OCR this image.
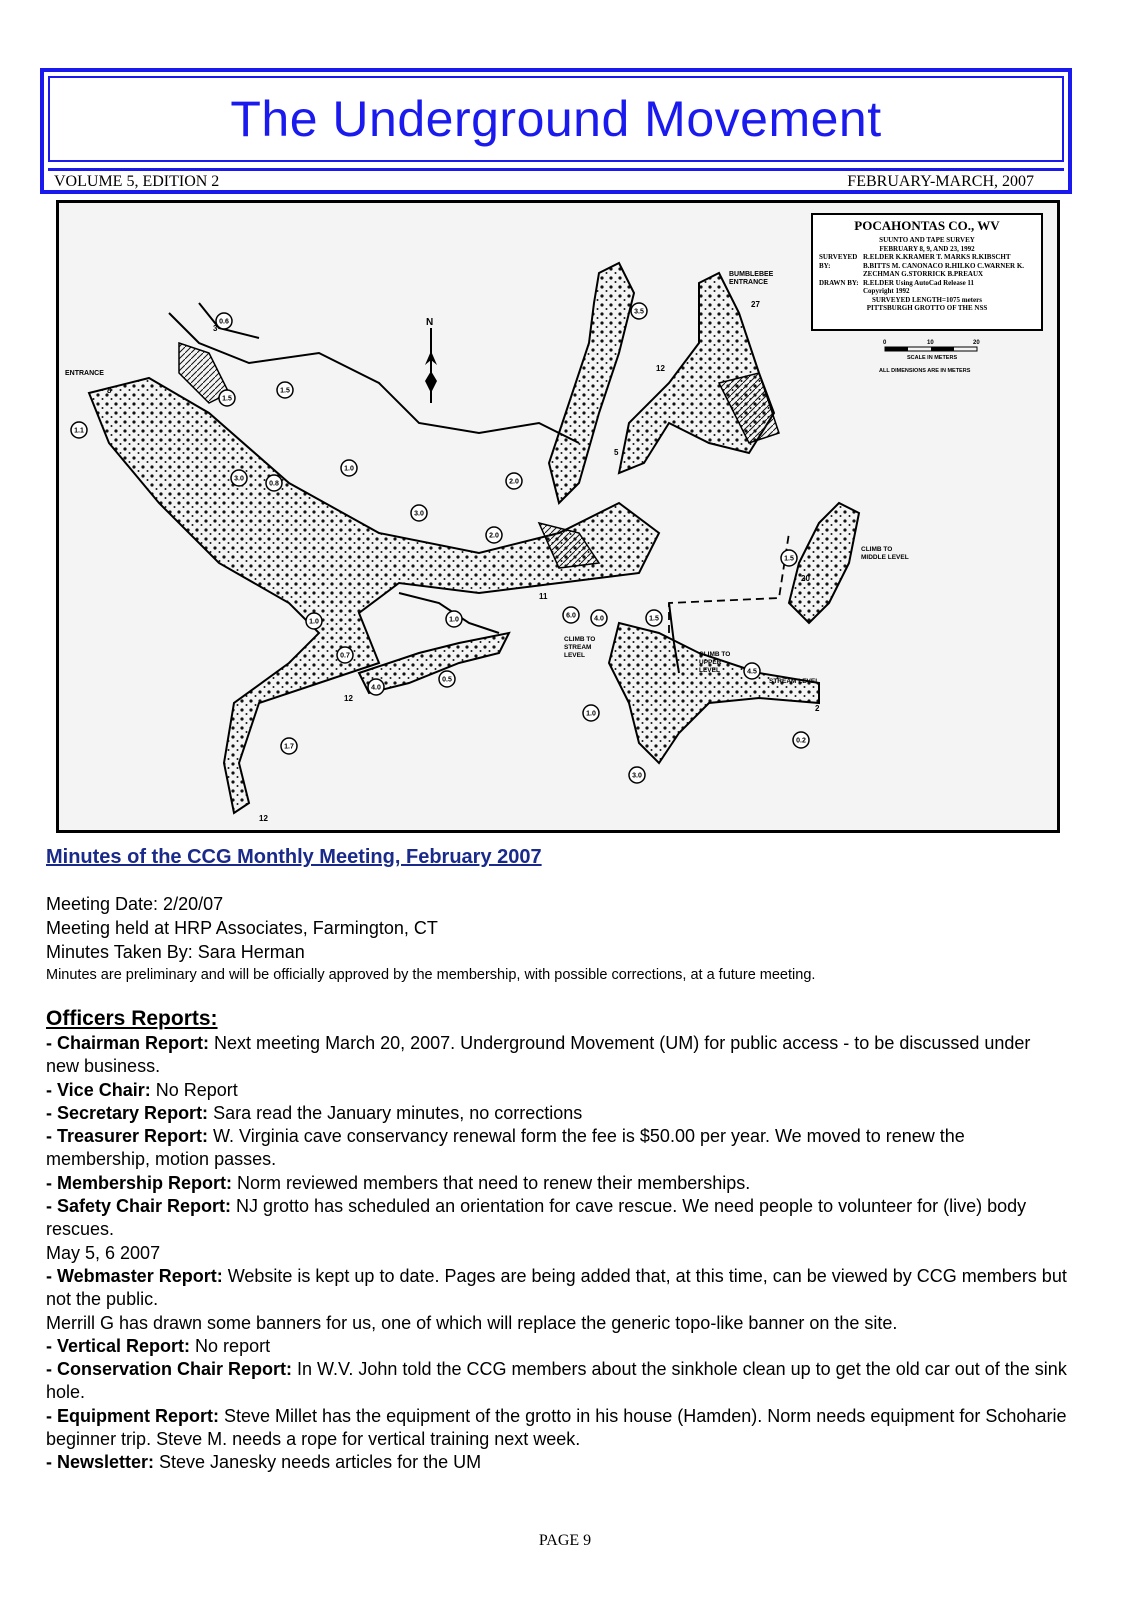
The Underground Movement
VOLUME 5, EDITION 2	FEBRUARY-MARCH, 2007
N
ENTRANCE
BUMBLEBEE
ENTRANCE
CLIMB TO
MIDDLE LEVEL
CLIMB TO
STREAM
LEVEL	CLIMB TO
UPPER
LEVEL
STREAM LEVEL
0.6
1.5
1.5
1.1
1.0
0.8
3.0
3.0
2.0
2.0
1.0
3.5
1.5
1.0
0.7
4.0
0.5
1.7
4.0	1.5
4.5
1.0
0.2
3.0
6.0
3
8
12
5
27
11
12
12
20
2
POCAHONTAS CO., WV
SUUNTO AND TAPE SURVEY
FEBRUARY 8, 9, AND 23, 1992
SURVEYED BY:
R.ELDER K.KRAMER T. MARKS R.KIBSCHT B.BITTS M. CANONACO R.HILKO C.WARNER K. ZECHMAN G.STORRICK B.PREAUX
DRAWN BY: R.ELDER Using AutoCad Release 11
Copyright 1992
SURVEYED LENGTH=1075 meters
PITTSBURGH GROTTO OF THE NSS
0	10	20
SCALE IN METERS
ALL DIMENSIONS ARE IN METERS
Minutes of the CCG Monthly Meeting, February 2007
Meeting Date: 2/20/07
Meeting held at HRP Associates, Farmington, CT
Minutes Taken By: Sara Herman
Minutes are preliminary and will be officially approved by the membership, with possible corrections, at a future meeting.
Officers Reports:
- Chairman Report: Next meeting March 20, 2007. Underground Movement (UM) for public access - to be discussed under new business.
- Vice Chair: No Report
- Secretary Report: Sara read the January minutes, no corrections
- Treasurer Report: W. Virginia cave conservancy renewal form the fee is $50.00 per year. We moved to renew the membership, motion passes.
- Membership Report: Norm reviewed members that need to renew their memberships.
- Safety Chair Report: NJ grotto has scheduled an orientation for cave rescue. We need people to volunteer for (live) body rescues.
May 5, 6 2007
- Webmaster Report: Website is kept up to date. Pages are being added that, at this time, can be viewed by CCG members but not the public.
Merrill G has drawn some banners for us, one of which will replace the generic topo-like banner on the site.
- Vertical Report: No report
- Conservation Chair Report: In W.V. John told the CCG members about the sinkhole clean up to get the old car out of the sink hole.
- Equipment Report: Steve Millet has the equipment of the grotto in his house (Hamden). Norm needs equipment for Schoharie beginner trip. Steve M. needs a rope for vertical training next week.
- Newsletter: Steve Janesky needs articles for the UM
PAGE 9
